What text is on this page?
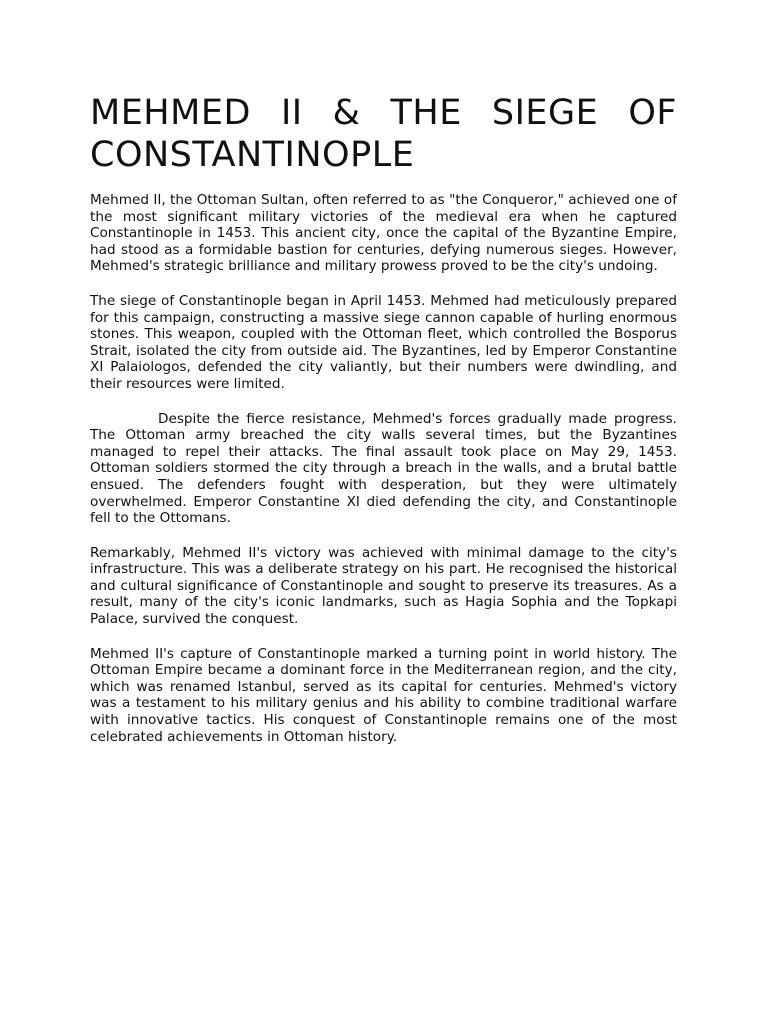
MEHMED II & THE SIEGE OF CONSTANTINOPLE

Mehmed II, the Ottoman Sultan, often referred to as "the Conqueror," achieved one of the most significant military victories of the medieval era when he captured Constantinople in 1453. This ancient city, once the capital of the Byzantine Empire, had stood as a formidable bastion for centuries, defying numerous sieges. However, Mehmed's strategic brilliance and military prowess proved to be the city's undoing.

The siege of Constantinople began in April 1453. Mehmed had meticulously prepared for this campaign, constructing a massive siege cannon capable of hurling enormous stones. This weapon, coupled with the Ottoman fleet, which controlled the Bosporus Strait, isolated the city from outside aid. The Byzantines, led by Emperor Constantine XI Palaiologos, defended the city valiantly, but their numbers were dwindling, and their resources were limited.

Despite the fierce resistance, Mehmed's forces gradually made progress. The Ottoman army breached the city walls several times, but the Byzantines managed to repel their attacks. The final assault took place on May 29, 1453. Ottoman soldiers stormed the city through a breach in the walls, and a brutal battle ensued. The defenders fought with desperation, but they were ultimately overwhelmed. Emperor Constantine XI died defending the city, and Constantinople fell to the Ottomans.

Remarkably, Mehmed II's victory was achieved with minimal damage to the city's infrastructure. This was a deliberate strategy on his part. He recognised the historical and cultural significance of Constantinople and sought to preserve its treasures. As a result, many of the city's iconic landmarks, such as Hagia Sophia and the Topkapi Palace, survived the conquest.

Mehmed II's capture of Constantinople marked a turning point in world history. The Ottoman Empire became a dominant force in the Mediterranean region, and the city, which was renamed Istanbul, served as its capital for centuries. Mehmed's victory was a testament to his military genius and his ability to combine traditional warfare with innovative tactics. His conquest of Constantinople remains one of the most celebrated achievements in Ottoman history.
